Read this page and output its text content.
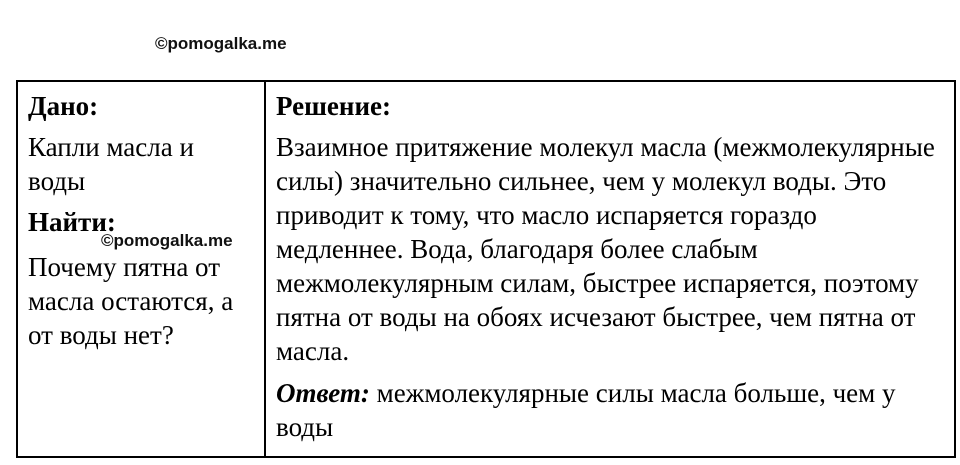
©pomogalka.me

Дано:

Капли масла и воды

Найти:

Почему пятна от масла остаются, а от воды нет?

Решение:

Взаимное притяжение молекул масла (межмолекулярные силы) значительно сильнее, чем у молекул воды. Это приводит к тому, что масло испаряется гораздо медленнее. Вода, благодаря более слабым межмолекулярным силам, быстрее испаряется, поэтому пятна от воды на обоях исчезают быстрее, чем пятна от масла.

Ответ: межмолекулярные силы масла больше, чем у воды

©pomogalka.me
